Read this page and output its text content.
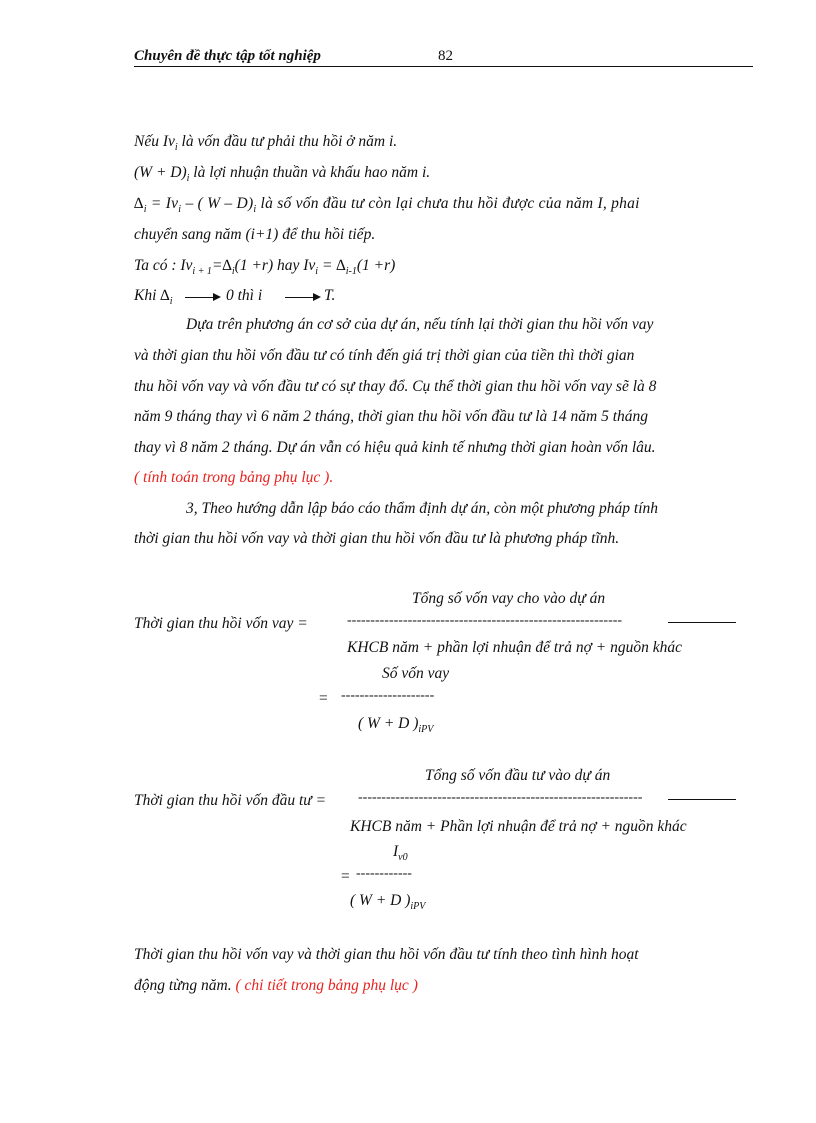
Chuyên đề thực tập tốt nghiệp	82
Nếu $Iv_i$ là vốn đầu tư phải thu hồi ở năm i.
$(W + D)_i$ là lợi nhuận thuần và khấu hao năm i.
$\Delta_i = Iv_i$ – ( W – $D)_i$ là số vốn đầu tư còn lại chưa thu hồi được của năm I, phai
chuyển sang năm (i+1) để thu hồi tiếp.
Ta có : $Iv_{i + 1}=\Delta_i(1 +r)$ hay $Iv_i = \Delta_{i-1}(1 +r)$
Khi $\Delta_i$	0 thì i	T.
Dựa trên phương án cơ sở của dự án, nếu tính lại thời gian thu hồi vốn vay
và thời gian thu hồi vốn đầu tư có tính đến giá trị thời gian của tiền thì thời gian
thu hồi vốn vay và vốn đầu tư có sự thay đổ. Cụ thể thời gian thu hồi vốn vay sẽ là 8
năm 9 tháng thay vì 6 năm 2 tháng, thời gian thu hồi vốn đầu tư là 14 năm 5 tháng
thay vì 8 năm 2 tháng. Dự án vẫn có hiệu quả kinh tế nhưng thời gian hoàn vốn lâu.
( tính toán trong bảng phụ lục ).
3, Theo hướng dẫn lập báo cáo thẩm định dự án, còn một phương pháp tính
thời gian thu hồi vốn vay và thời gian thu hồi vốn đầu tư là phương pháp tĩnh.
Tổng số vốn vay cho vào dự án
Thời gian thu hồi vốn vay =	-----------------------------------------------------------
KHCB năm + phần lợi nhuận để trả nợ + nguồn khác
Số vốn vay
= --------------------
( W + D )$_{iPV}$
Tổng số vốn đầu tư vào dự án
Thời gian thu hồi vốn đầu tư = -------------------------------------------------------------
KHCB năm + Phần lợi nhuận để trả nợ + nguồn khác
$I_{v0}$
= ------------
( W + D )$_{iPV}$
Thời gian thu hồi vốn vay và thời gian thu hồi vốn đầu tư tính theo tình hình hoạt
động từng năm. ( chi tiết trong bảng phụ lục )
